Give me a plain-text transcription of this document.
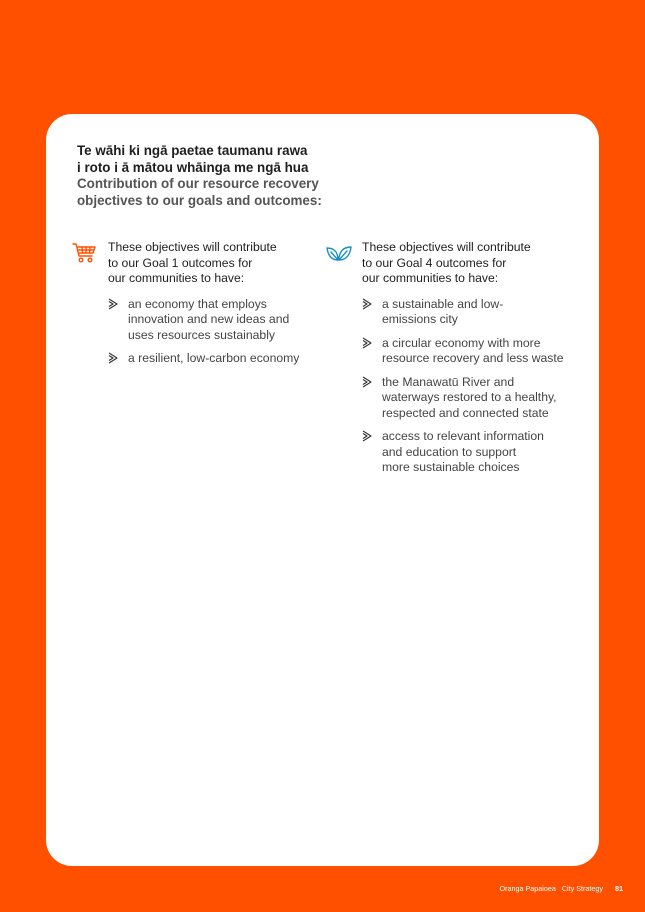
Te wāhi ki ngā paetae taumanu rawa
i roto i ā mātou whāinga me ngā hua

Contribution of our resource recovery
objectives to our goals and outcomes:

These objectives will contribute
to our Goal 1 outcomes for
our communities to have:
an economy that employs
innovation and new ideas and
uses resources sustainably
a resilient, low-carbon economy
These objectives will contribute
to our Goal 4 outcomes for
our communities to have:
a sustainable and low-
emissions city
a circular economy with more
resource recovery and less waste
the Manawatū River and
waterways restored to a healthy,
respected and connected state
access to relevant information
and education to support
more sustainable choices
Oranga Papaioea City Strategy 81
